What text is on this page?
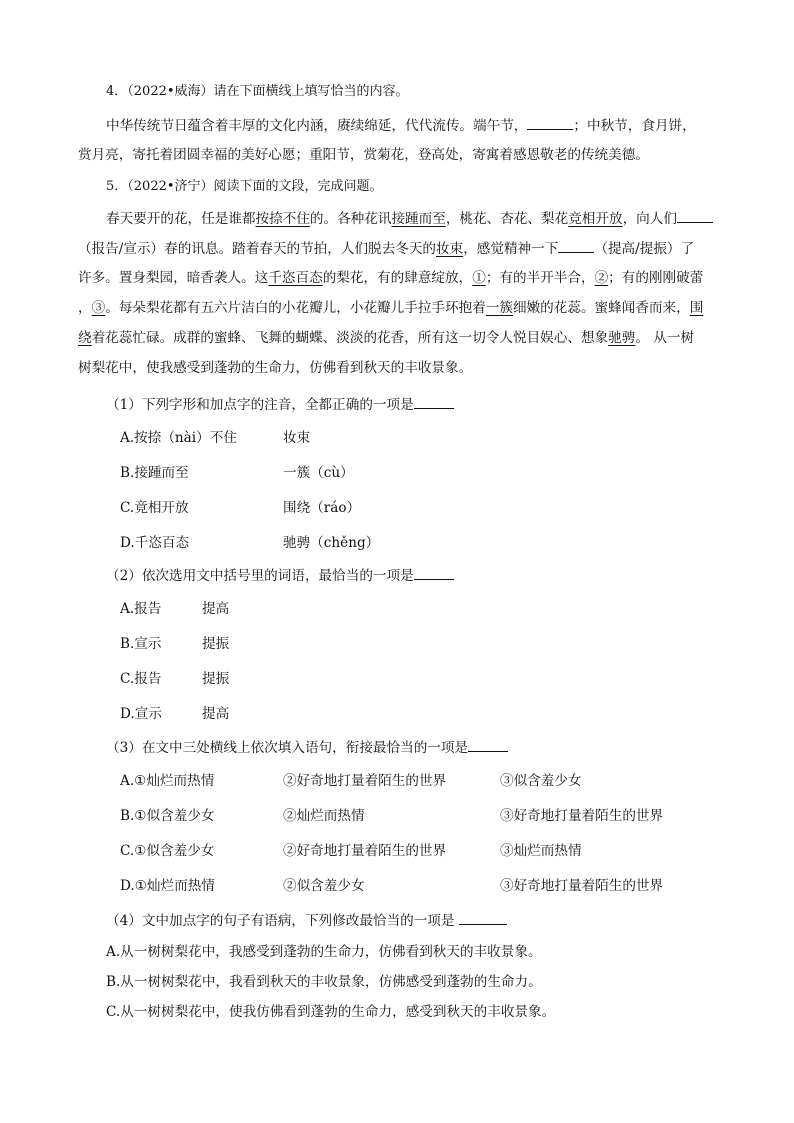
4．（2022•威海）请在下面横线上填写恰当的内容。
中华传统节日蕴含着丰厚的文化内涵，赓续绵延，代代流传。端午节，	；中秋节，食月饼，
赏月亮，寄托着团圆幸福的美好心愿；重阳节，赏菊花，登高处，寄寓着感恩敬老的传统美德。
5．（2022•济宁）阅读下面的文段，完成问题。
春天要开的花，任是谁都按捺不住的。各种花讯接踵而至，桃花、杏花、梨花竞相开放，向人们
（报告/宣示）春的讯息。踏着春天的节拍，人们脱去冬天的妆束，感觉精神一下	（提高/提振）了
许多。置身梨园，暗香袭人。这千恣百态的梨花，有的肆意绽放，①；有的半开半合，②；有的刚刚破蕾
，③。每朵梨花都有五六片洁白的小花瓣儿，小花瓣儿手拉手环抱着一簇细嫩的花蕊。蜜蜂闻香而来，围
绕着花蕊忙碌。成群的蜜蜂、飞舞的蝴蝶、淡淡的花香，所有这一切令人悦目娱心、想象驰骋。 从一树
树梨花中，使我感受到蓬勃的生命力，仿佛看到秋天的丰收景象。
（1）下列字形和加点字的注音，全都正确的一项是
A.按捺（nài）不住	妆束
B.接踵而至	一簇（cù）
C.竟相开放	围绕（ráo）
D.千恣百态	驰骋（chěng）
（2）依次选用文中括号里的词语，最恰当的一项是
A.报告	提高
B.宣示	提振
C.报告	提振
D.宣示	提高
（3）在文中三处横线上依次填入语句，衔接最恰当的一项是
A.①灿烂而热情	②好奇地打量着陌生的世界	③似含羞少女
B.①似含羞少女	②灿烂而热情	③好奇地打量着陌生的世界
C.①似含羞少女	②好奇地打量着陌生的世界	③灿烂而热情
D.①灿烂而热情	②似含羞少女	③好奇地打量着陌生的世界
（4）文中加点字的句子有语病，下列修改最恰当的一项是
A.从一树树梨花中，我感受到蓬勃的生命力，仿佛看到秋天的丰收景象。
B.从一树树梨花中，我看到秋天的丰收景象，仿佛感受到蓬勃的生命力。
C.从一树树梨花中，使我仿佛看到蓬勃的生命力，感受到秋天的丰收景象。
